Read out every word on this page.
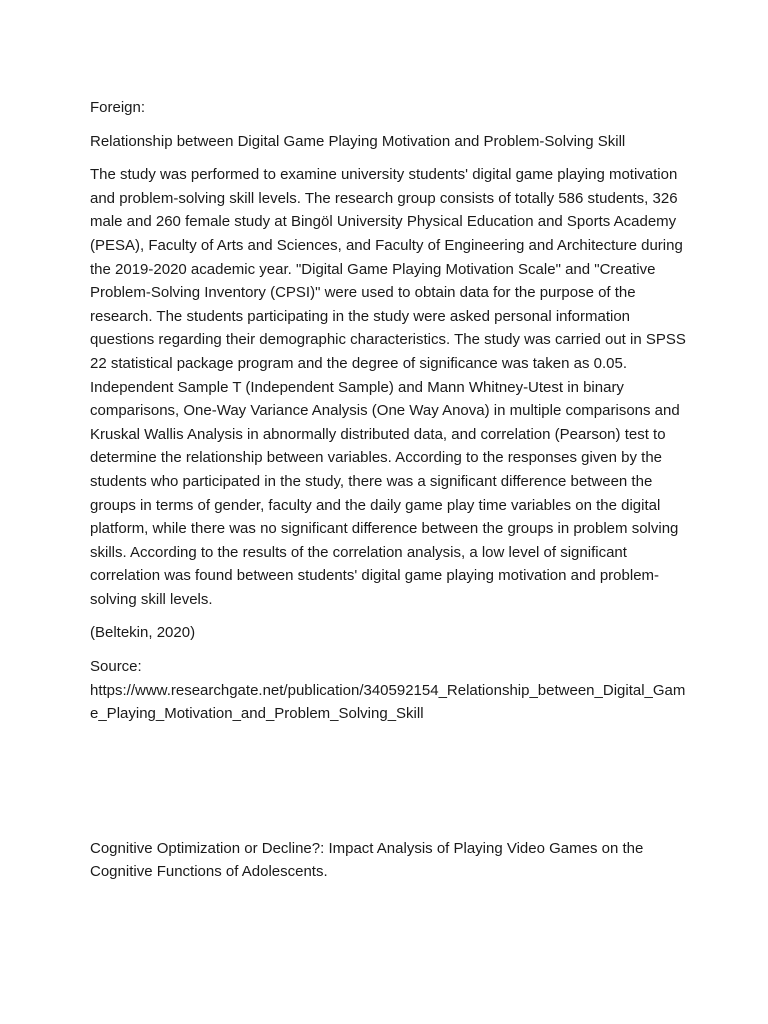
Foreign:

Relationship between Digital Game Playing Motivation and Problem-Solving Skill

The study was performed to examine university students' digital game playing motivation and problem-solving skill levels. The research group consists of totally 586 students, 326 male and 260 female study at Bingöl University Physical Education and Sports Academy (PESA), Faculty of Arts and Sciences, and Faculty of Engineering and Architecture during the 2019-2020 academic year. "Digital Game Playing Motivation Scale" and "Creative Problem-Solving Inventory (CPSI)" were used to obtain data for the purpose of the research. The students participating in the study were asked personal information questions regarding their demographic characteristics. The study was carried out in SPSS 22 statistical package program and the degree of significance was taken as 0.05. Independent Sample T (Independent Sample) and Mann Whitney-Utest in binary comparisons, One-Way Variance Analysis (One Way Anova) in multiple comparisons and Kruskal Wallis Analysis in abnormally distributed data, and correlation (Pearson) test to determine the relationship between variables. According to the responses given by the students who participated in the study, there was a significant difference between the groups in terms of gender, faculty and the daily game play time variables on the digital platform, while there was no significant difference between the groups in problem solving skills. According to the results of the correlation analysis, a low level of significant correlation was found between students' digital game playing motivation and problem-solving skill levels.

(Beltekin, 2020)

Source:
https://www.researchgate.net/publication/340592154_Relationship_between_Digital_Game_Playing_Motivation_and_Problem_Solving_Skill

Cognitive Optimization or Decline?: Impact Analysis of Playing Video Games on the Cognitive Functions of Adolescents.
